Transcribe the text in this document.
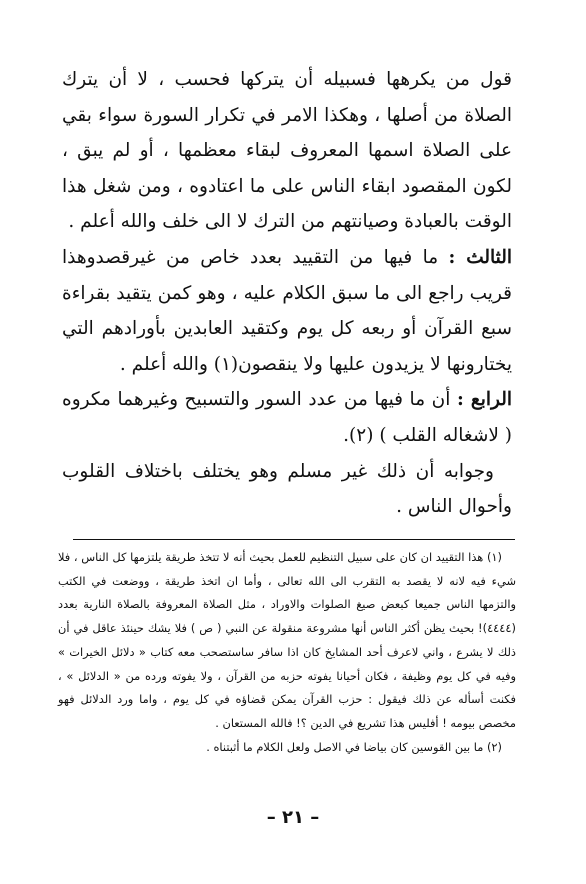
قول من يكرهها فسبيله أن يتركها فحسب ، لا أن يترك الصلاة من أصلها ، وهكذا الامر في تكرار السورة سواء بقي على الصلاة اسمها المعروف لبقاء معظمها ، أو لم يبق ، لكون المقصود ابقاء الناس على ما اعتادوه ، ومن شغل هذا الوقت بالعبادة وصيانتهم من الترك لا الى خلف والله أعلم .

الثالث : ما فيها من التقييد بعدد خاص من غيرقصدوهذا قريب راجع الى ما سبق الكلام عليه ، وهو كمن يتقيد بقراءة سبع القرآن أو ربعه كل يوم وكتقيد العابدين بأورادهم التي يختارونها لا يزيدون عليها ولا ينقصون(١) والله أعلم .

الرابع : أن ما فيها من عدد السور والتسبيح وغيرهما مكروه ( لاشغاله القلب ) (٢).

وجوابه أن ذلك غير مسلم وهو يختلف باختلاف القلوب وأحوال الناس .

(١) هذا التقييد ان كان على سبيل التنظيم للعمل بحيث أنه لا تتخذ طريقة يلتزمها كل الناس ، فلا شيء فيه لانه لا يقصد به التقرب الى الله تعالى ، وأما ان اتخذ طريقة ، ووضعت في الكتب والتزمها الناس جميعا كبعض صيغ الصلوات والاوراد ، مثل الصلاة المعروفة بالصلاة النارية بعدد (٤٤٤٤)! بحيث يظن أكثر الناس أنها مشروعة منقولة عن النبي ( ص ) فلا يشك حينئذ عاقل في أن ذلك لا يشرع ، واني لاعرف أحد المشايخ كان اذا سافر ساستصحب معه كتاب « دلائل الخيرات » وفيه في كل يوم وظيفة ، فكان أحيانا يفوته حزبه من القرآن ، ولا يفوته ورده من « الدلائل » ، فكنت أسأله عن ذلك فيقول : حزب القرآن يمكن قضاؤه في كل يوم ، واما ورد الدلائل فهو مخصص بيومه ! أفليس هذا تشريع في الدين ؟! فالله المستعان .

(٢) ما بين القوسين كان بياضا في الاصل ولعل الكلام ما أثبتناه .

– ٢١ –
